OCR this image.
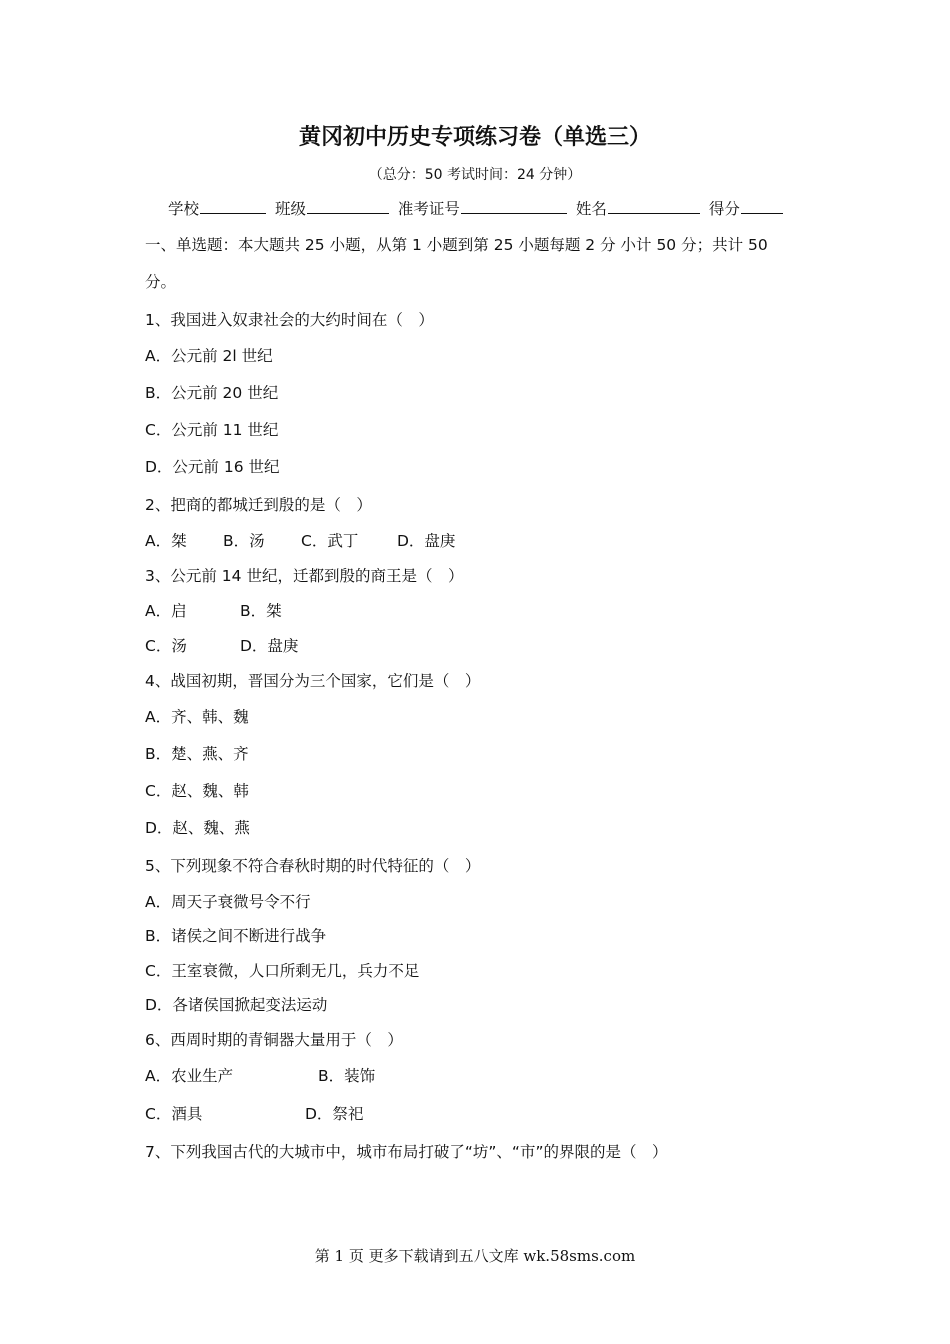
黄冈初中历史专项练习卷（单选三）
（总分：50 考试时间：24 分钟）
学校	班级	准考证号	姓名	得分
一、单选题：本大题共 25 小题，从第 1 小题到第 25 小题每题 2 分 小计 50 分；共计 50
分。
1、我国进入奴隶社会的大约时间在（　）
A．公元前 2l 世纪
B．公元前 20 世纪
C．公元前 11 世纪
D．公元前 16 世纪
2、把商的都城迁到殷的是（　）
A．桀 B．汤 C．武丁 D．盘庚
3、公元前 14 世纪，迁都到殷的商王是（　）
A．启	B．桀
C．汤	D．盘庚
4、战国初期，晋国分为三个国家，它们是（　）
A．齐、韩、魏
B．楚、燕、齐
C．赵、魏、韩
D．赵、魏、燕
5、下列现象不符合春秋时期的时代特征的（　）
A．周天子衰微号令不行
B．诸侯之间不断进行战争
C．王室衰微，人口所剩无几，兵力不足
D．各诸侯国掀起变法运动
6、西周时期的青铜器大量用于（　）
A．农业生产	B．装饰
C．酒具	D．祭祀
7、下列我国古代的大城市中，城市布局打破了“坊”、“市”的界限的是（　）
第 1 页 更多下载请到五八文库 wk.58sms.com
